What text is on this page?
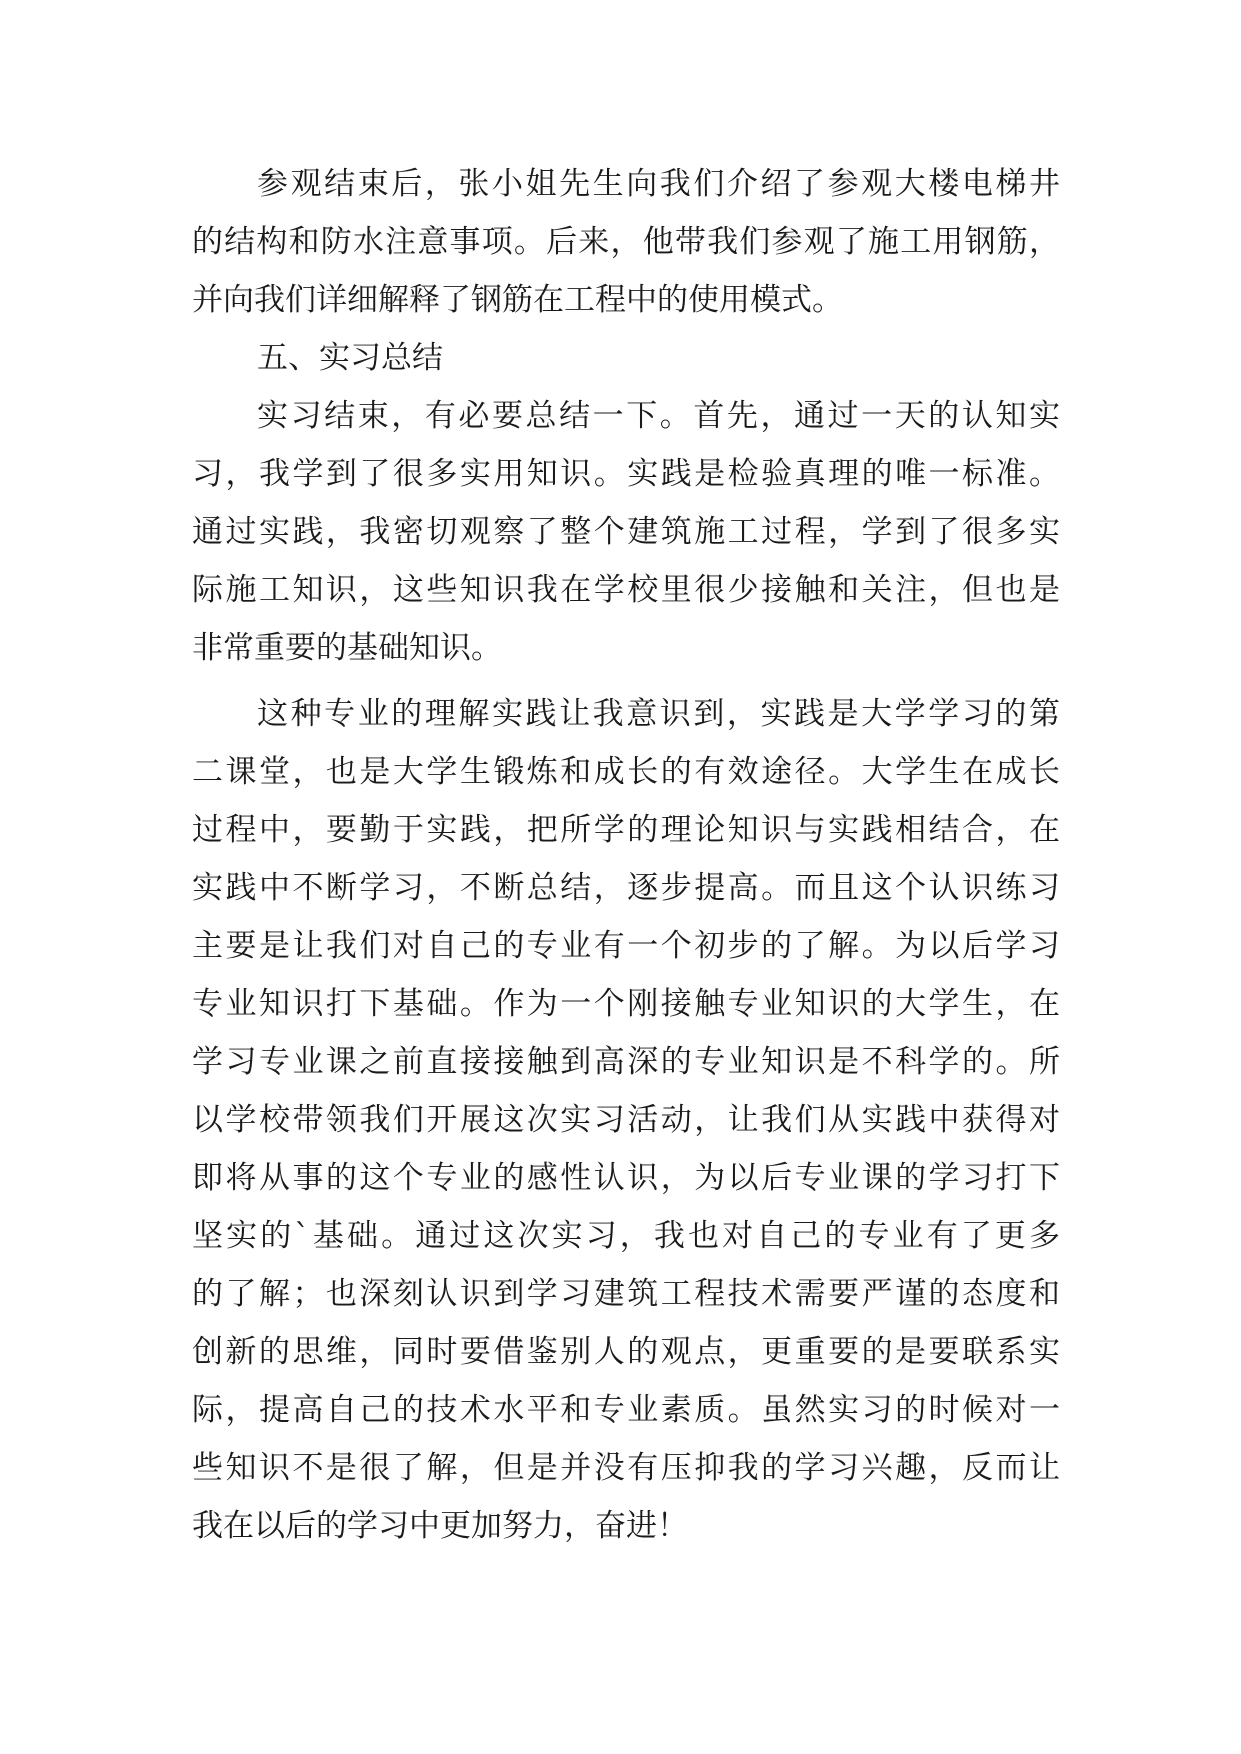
参观结束后，张小姐先生向我们介绍了参观大楼电梯井
的结构和防水注意事项。后来，他带我们参观了施工用钢筋，
并向我们详细解释了钢筋在工程中的使用模式。
五、实习总结
实习结束，有必要总结一下。首先，通过一天的认知实
习，我学到了很多实用知识。实践是检验真理的唯一标准。
通过实践，我密切观察了整个建筑施工过程，学到了很多实
际施工知识，这些知识我在学校里很少接触和关注，但也是
非常重要的基础知识。
这种专业的理解实践让我意识到，实践是大学学习的第
二课堂，也是大学生锻炼和成长的有效途径。大学生在成长
过程中，要勤于实践，把所学的理论知识与实践相结合，在
实践中不断学习，不断总结，逐步提高。而且这个认识练习
主要是让我们对自己的专业有一个初步的了解。为以后学习
专业知识打下基础。作为一个刚接触专业知识的大学生，在
学习专业课之前直接接触到高深的专业知识是不科学的。所
以学校带领我们开展这次实习活动，让我们从实践中获得对
即将从事的这个专业的感性认识，为以后专业课的学习打下
坚实的`基础。通过这次实习，我也对自己的专业有了更多
的了解；也深刻认识到学习建筑工程技术需要严谨的态度和
创新的思维，同时要借鉴别人的观点，更重要的是要联系实
际，提高自己的技术水平和专业素质。虽然实习的时候对一
些知识不是很了解，但是并没有压抑我的学习兴趣，反而让
我在以后的学习中更加努力，奋进！
